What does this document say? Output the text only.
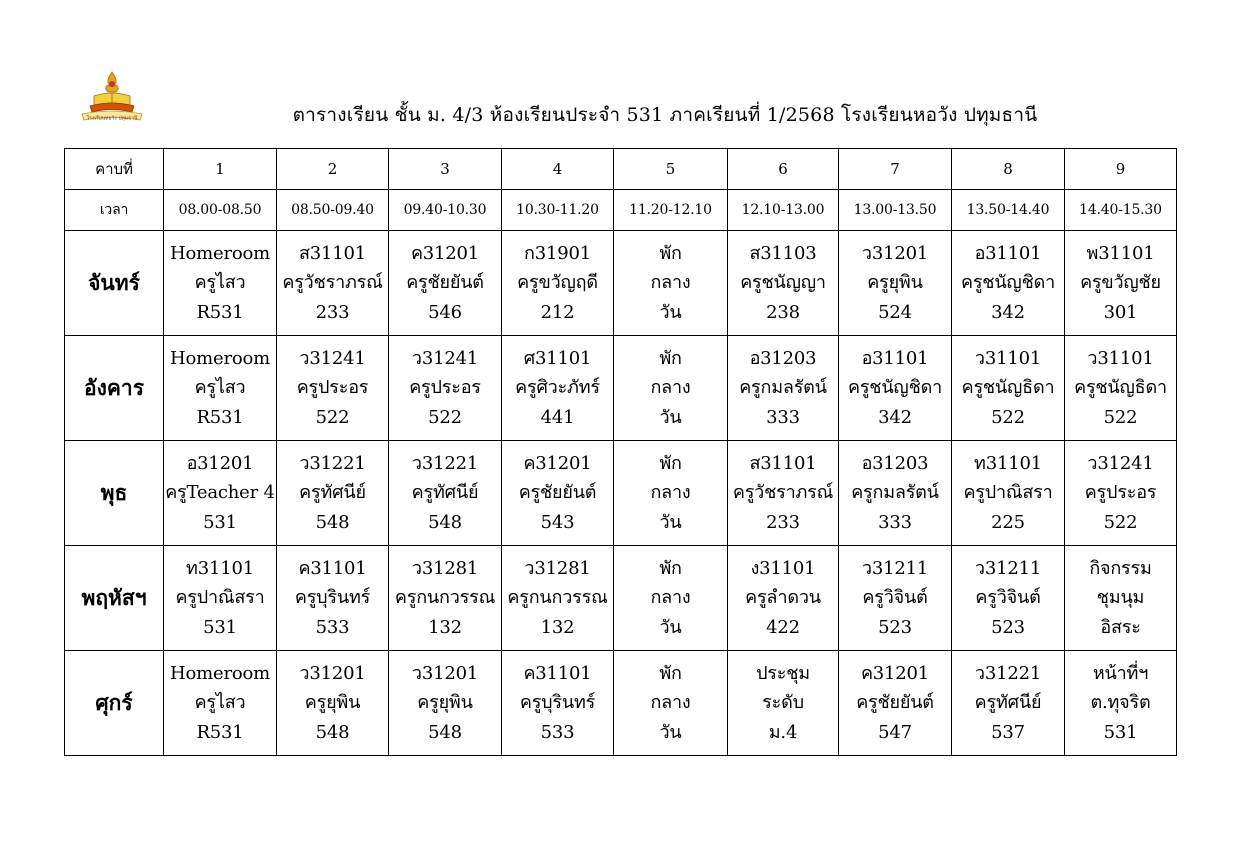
โรงเรียนหอวัง ปทุมธานี	ตารางเรียน ชั้น ม. 4/3 ห้องเรียนประจำ 531 ภาคเรียนที่ 1/2568 โรงเรียนหอวัง ปทุมธานี
คาบที่	1	2	3	4	5	6	7	8	9
เวลา	08.00-08.50	08.50-09.40	09.40-10.30	10.30-11.20	11.20-12.10	12.10-13.00	13.00-13.50	13.50-14.40	14.40-15.30
จันทร์	Homeroom
ครูไสว
R531	ส31101
ครูวัชราภรณ์
233	ค31201
ครูชัยยันต์
546	ก31901
ครูขวัญฤดี
212	พัก
กลาง
วัน	ส31103
ครูชนัญญา
238	ว31201
ครูยุพิน
524	อ31101
ครูชนัญชิดา
342	พ31101
ครูขวัญชัย
301

อังคาร	Homeroom
ครูไสว
R531	ว31241
ครูประอร
522	ว31241
ครูประอร
522	ศ31101
ครูศิวะภัทร์
441	พัก
กลาง
วัน	อ31203
ครูกมลรัตน์
333	อ31101
ครูชนัญชิดา
342	ว31101
ครูชนัญธิดา
522	ว31101
ครูชนัญธิดา
522

พุธ	อ31201
ครูTeacher 4
531	ว31221
ครูทัศนีย์
548	ว31221
ครูทัศนีย์
548	ค31201
ครูชัยยันต์
543	พัก
กลาง
วัน	ส31101
ครูวัชราภรณ์
233	อ31203
ครูกมลรัตน์
333	ท31101
ครูปาณิสรา
225	ว31241
ครูประอร
522

พฤหัสฯ	ท31101
ครูปาณิสรา
531	ค31101
ครูบุรินทร์
533	ว31281
ครูกนกวรรณ
132	ว31281
ครูกนกวรรณ
132	พัก
กลาง
วัน	ง31101
ครูลำดวน
422	ว31211
ครูวิจินต์
523	ว31211
ครูวิจินต์
523	กิจกรรม
ชุมนุม
อิสระ

ศุกร์	Homeroom
ครูไสว
R531	ว31201
ครูยุพิน
548	ว31201
ครูยุพิน
548	ค31101
ครูบุรินทร์
533	พัก
กลาง
วัน	ประชุม
ระดับ
ม.4	ค31201
ครูชัยยันต์
547	ว31221
ครูทัศนีย์
537	หน้าที่ฯ
ต.ทุจริต
531
